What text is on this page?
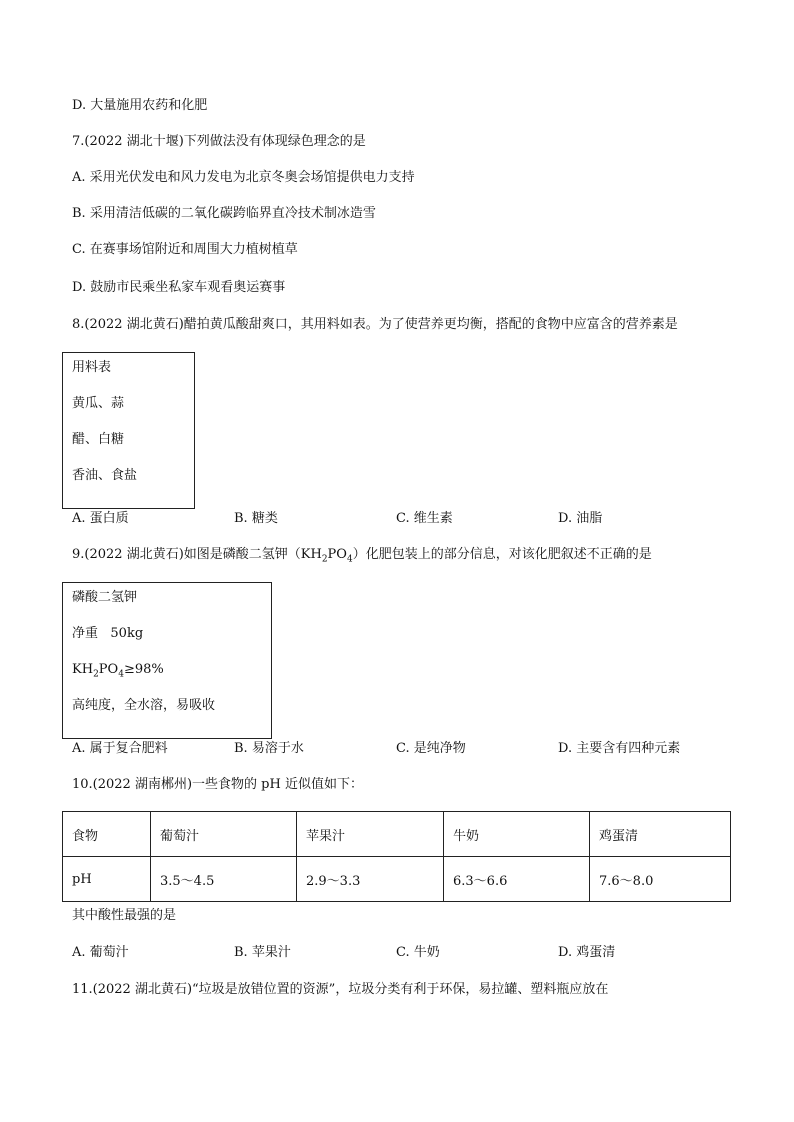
D. 大量施用农药和化肥
7.(2022 湖北十堰)下列做法没有体现绿色理念的是
A. 采用光伏发电和风力发电为北京冬奥会场馆提供电力支持
B. 采用清洁低碳的二氧化碳跨临界直冷技术制冰造雪
C. 在赛事场馆附近和周围大力植树植草
D. 鼓励市民乘坐私家车观看奥运赛事
8.(2022 湖北黄石)醋拍黄瓜酸甜爽口，其用料如表。为了使营养更均衡，搭配的食物中应富含的营养素是
用料表
黄瓜、蒜
醋、白糖
香油、食盐
A. 蛋白质	B. 糖类	C. 维生素	D. 油脂
9.(2022 湖北黄石)如图是磷酸二氢钾$(KH_2PO_4)$化肥包装上的部分信息，对该化肥叙述不正确的是
磷酸二氢钾
净重   50kg
$KH_2PO_4\ge 98\%$
高纯度，全水溶，易吸收
A. 属于复合肥料	B. 易溶于水	C. 是纯净物	D. 主要含有四种元素
10.(2022 湖南郴州)一些食物的 pH 近似值如下：
食物	葡萄汁	苹果汁	牛奶	鸡蛋清
pH	3.5～4.5	2.9～3.3	6.3～6.6	7.6～8.0
其中酸性最强的是
A. 葡萄汁	B. 苹果汁	C. 牛奶	D. 鸡蛋清
11.(2022 湖北黄石)“垃圾是放错位置的资源”，垃圾分类有利于环保，易拉罐、塑料瓶应放在
